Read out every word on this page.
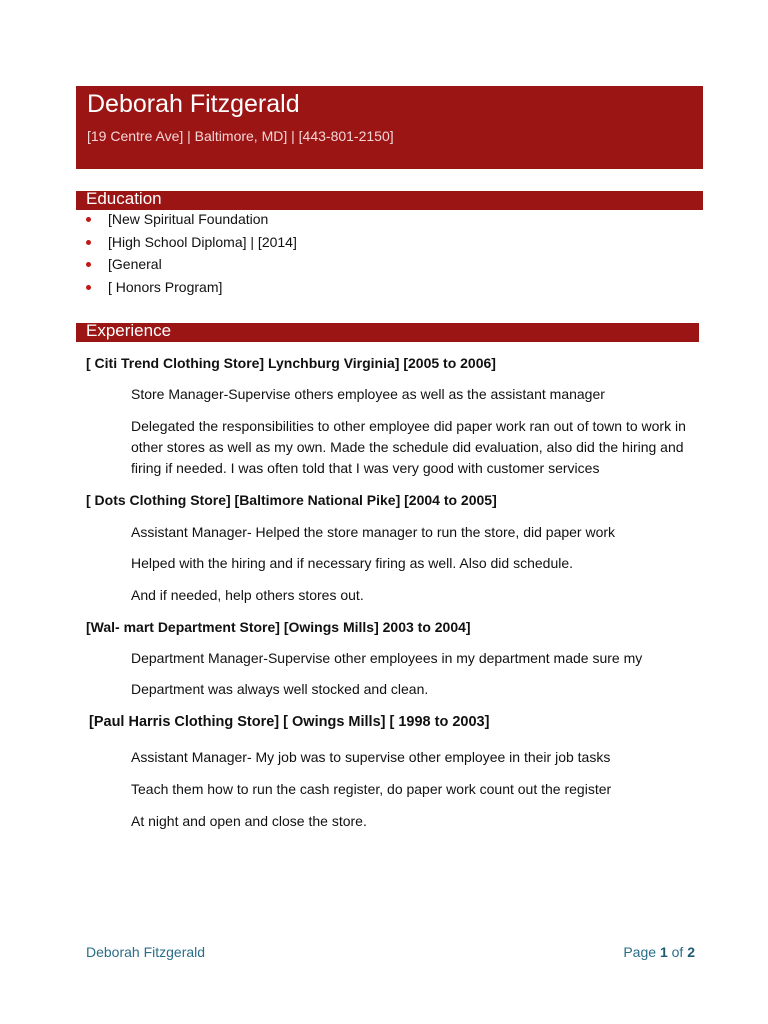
Deborah Fitzgerald
[19 Centre Ave] | Baltimore, MD] | [443-801-2150]
Education
[New Spiritual Foundation
[High School Diploma] | [2014]
[General
[ Honors Program]
Experience
[ Citi Trend Clothing Store] Lynchburg Virginia] [2005 to 2006]
Store Manager-Supervise others employee as well as the assistant manager
Delegated the responsibilities to other employee did paper work ran out of town to work in other stores as well as my own. Made the schedule did evaluation, also did the hiring and firing if needed. I was often told that I was very good with customer services
[ Dots Clothing Store] [Baltimore National Pike] [2004 to 2005]
Assistant Manager- Helped the store manager to run the store, did paper work
Helped with the hiring and if necessary firing as well. Also did schedule.
And if needed, help others stores out.
[Wal- mart Department Store] [Owings Mills] 2003 to 2004]
Department Manager-Supervise other employees in my department made sure my
Department was always well stocked and clean.
[Paul Harris Clothing Store] [ Owings Mills] [ 1998 to 2003]
Assistant Manager- My job was to supervise other employee in their job tasks
Teach them how to run the cash register, do paper work count out the register
At night and open and close the store.
Deborah Fitzgerald	Page 1 of 2
